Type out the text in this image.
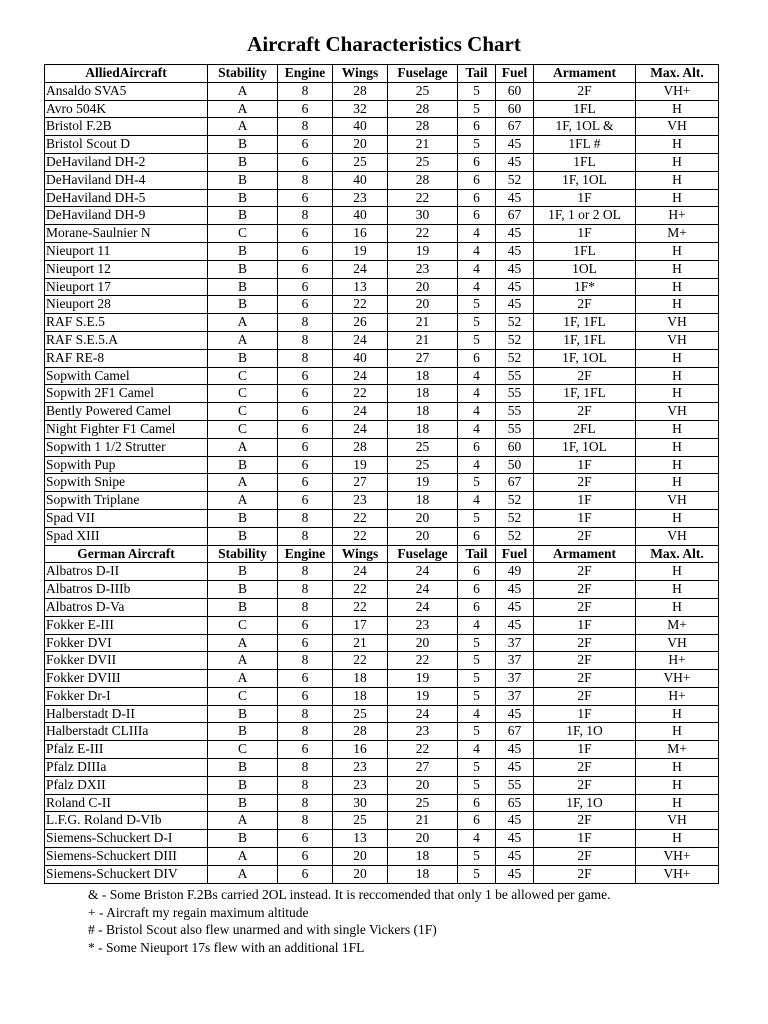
Aircraft Characteristics Chart
AlliedAircraft	Stability	Engine	Wings	Fuselage	Tail	Fuel	Armament	Max. Alt.
Ansaldo SVA5	A	8	28	25	5	60	2F	VH+
Avro 504K	A	6	32	28	5	60	1FL	H
Bristol F.2B	A	8	40	28	6	67	1F, 1OL &	VH
Bristol Scout D	B	6	20	21	5	45	1FL #	H
DeHaviland DH-2	B	6	25	25	6	45	1FL	H
DeHaviland DH-4	B	8	40	28	6	52	1F, 1OL	H
DeHaviland DH-5	B	6	23	22	6	45	1F	H
DeHaviland DH-9	B	8	40	30	6	67	1F, 1 or 2 OL	H+
Morane-Saulnier N	C	6	16	22	4	45	1F	M+
Nieuport 11	B	6	19	19	4	45	1FL	H
Nieuport 12	B	6	24	23	4	45	1OL	H
Nieuport 17	B	6	13	20	4	45	1F*	H
Nieuport 28	B	6	22	20	5	45	2F	H
RAF S.E.5	A	8	26	21	5	52	1F, 1FL	VH
RAF S.E.5.A	A	8	24	21	5	52	1F, 1FL	VH
RAF RE-8	B	8	40	27	6	52	1F, 1OL	H
Sopwith Camel	C	6	24	18	4	55	2F	H
Sopwith 2F1 Camel	C	6	22	18	4	55	1F, 1FL	H
Bently Powered Camel	C	6	24	18	4	55	2F	VH
Night Fighter F1 Camel	C	6	24	18	4	55	2FL	H
Sopwith 1 1/2 Strutter	A	6	28	25	6	60	1F, 1OL	H
Sopwith Pup	B	6	19	25	4	50	1F	H
Sopwith Snipe	A	6	27	19	5	67	2F	H
Sopwith Triplane	A	6	23	18	4	52	1F	VH
Spad VII	B	8	22	20	5	52	1F	H
Spad XIII	B	8	22	20	6	52	2F	VH
German Aircraft	Stability	Engine	Wings	Fuselage	Tail	Fuel	Armament	Max. Alt.
Albatros D-II	B	8	24	24	6	49	2F	H
Albatros D-IIIb	B	8	22	24	6	45	2F	H
Albatros D-Va	B	8	22	24	6	45	2F	H
Fokker E-III	C	6	17	23	4	45	1F	M+
Fokker DVI	A	6	21	20	5	37	2F	VH
Fokker DVII	A	8	22	22	5	37	2F	H+
Fokker DVIII	A	6	18	19	5	37	2F	VH+
Fokker Dr-I	C	6	18	19	5	37	2F	H+
Halberstadt D-II	B	8	25	24	4	45	1F	H
Halberstadt CLIIIa	B	8	28	23	5	67	1F, 1O	H
Pfalz E-III	C	6	16	22	4	45	1F	M+
Pfalz DIIIa	B	8	23	27	5	45	2F	H
Pfalz DXII	B	8	23	20	5	55	2F	H
Roland C-II	B	8	30	25	6	65	1F, 1O	H
L.F.G. Roland D-VIb	A	8	25	21	6	45	2F	VH
Siemens-Schuckert D-I	B	6	13	20	4	45	1F	H
Siemens-Schuckert DIII	A	6	20	18	5	45	2F	VH+
Siemens-Schuckert DIV	A	6	20	18	5	45	2F	VH+
& - Some Briston F.2Bs carried 2OL instead. It is reccomended that only 1 be allowed per game.
+ - Aircraft my regain maximum altitude
# - Bristol Scout also flew unarmed and with single Vickers (1F)
* - Some Nieuport 17s flew with an additional 1FL
